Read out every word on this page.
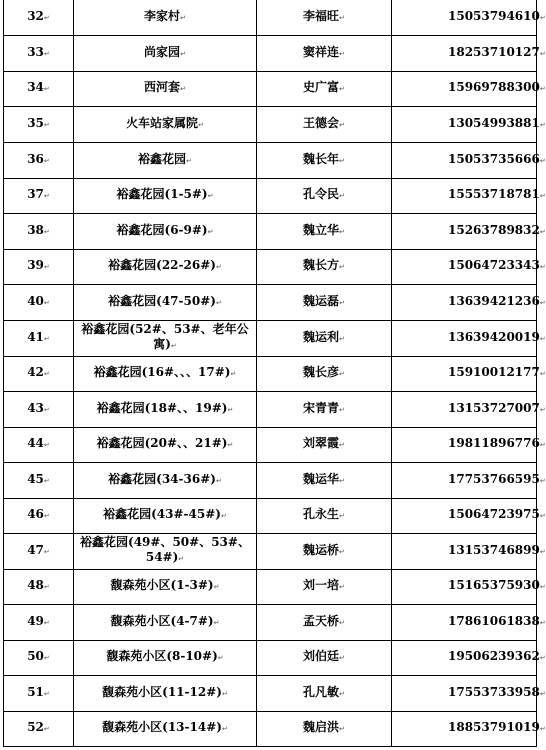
32↵	李家村↵	李福旺↵	15053794610↵
33↵	尚家园↵	窦祥连↵	18253710127↵
34↵	西河套↵	史广富↵	15969788300↵
35↵	火车站家属院↵	王德会↵	13054993881↵
36↵	裕鑫花园↵	魏长年↵	15053735666↵
37↵	裕鑫花园(1-5#)↵	孔令民↵	15553718781↵
38↵	裕鑫花园(6-9#)↵	魏立华↵	15263789832↵
39↵	裕鑫花园(22-26#)↵	魏长方↵	15064723343↵
40↵	裕鑫花园(47-50#)↵	魏运磊↵	13639421236↵
41↵	裕鑫花园(52#、53#、老年公寓)↵	魏运利↵	13639420019↵
42↵	裕鑫花园(16#、、、17#)↵	魏长彦↵	15910012177↵
43↵	裕鑫花园(18#、、19#)↵	宋青青↵	13153727007↵
44↵	裕鑫花园(20#、、21#)↵	刘翠霞↵	19811896776↵
45↵	裕鑫花园(34-36#)↵	魏运华↵	17753766595↵
46↵	裕鑫花园(43#-45#)↵	孔永生↵	15064723975↵
47↵	裕鑫花园(49#、50#、53#、54#)↵	魏运桥↵	13153746899↵
48↵	馥森苑小区(1-3#)↵	刘一培↵	15165375930↵
49↵	馥森苑小区(4-7#)↵	孟天桥↵	17861061838↵
50↵	馥森苑小区(8-10#)↵	刘伯廷↵	19506239362↵
51↵	馥森苑小区(11-12#)↵	孔凡敏↵	17553733958↵
52↵	馥森苑小区(13-14#)↵	魏启洪↵	18853791019↵
